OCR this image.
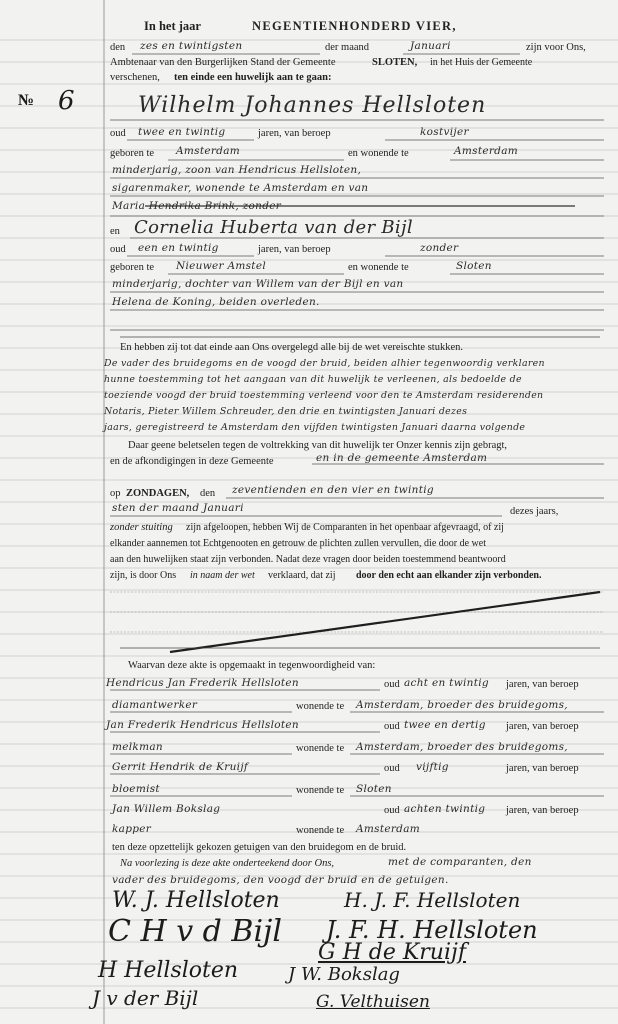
№ 6
In het jaar	NEGENTIENHONDERD VIER,
den zes en twintigsten	der maand	Januari	zijn voor Ons,
Ambtenaar van den Burgerlijken Stand der Gemeente	SLOTEN, in het Huis der Gemeente
verschenen, ten einde een huwelijk aan te gaan:
Wilhelm Johannes Hellsloten
oud twee en twintig	jaren, van beroep	kostvijer
geboren te Amsterdam	en wonende te	Amsterdam
minderjarig, zoon van Hendricus Hellsloten,
sigarenmaker, wonende te Amsterdam en van
Maria Hendrika Brink, zonder
en Cornelia Huberta van der Bijl
oud een en twintig	jaren, van beroep	zonder
geboren te Nieuwer Amstel	en wonende te	Sloten
minderjarig, dochter van Willem van der Bijl en van
Helena de Koning, beiden overleden.
En hebben zij tot dat einde aan Ons overgelegd alle bij de wet vereischte stukken.
De vader des bruidegoms en de voogd der bruid, beiden alhier tegenwoordig verklaren
hunne toestemming tot het aangaan van dit huwelijk te verleenen, als bedoelde de
toeziende voogd der bruid toestemming verleend voor den te Amsterdam residerenden
Notaris, Pieter Willem Schreuder, den drie en twintigsten Januari dezes
jaars, geregistreerd te Amsterdam den vijfden twintigsten Januari daarna volgende
Daar geene beletselen tegen de voltrekking van dit huwelijk ter Onzer kennis zijn gebragt,
en de afkondigingen in deze Gemeente	en in de gemeente Amsterdam
op ZONDAGEN, den zeventienden en den vier en twintig
sten der maand Januari	dezes jaars,
zonder stuiting zijn afgeloopen, hebben Wij de Comparanten in het openbaar afgevraagd, of zij
elkander aannemen tot Echtgenooten en getrouw de plichten zullen vervullen, die door de wet
aan den huwelijken staat zijn verbonden. Nadat deze vragen door beiden toestemmend beantwoord
zijn, is door Ons in naam der wet verklaard, dat zij door den echt aan elkander zijn verbonden.
Waarvan deze akte is opgemaakt in tegenwoordigheid van:
Hendricus Jan Frederik Hellsloten	oud acht en twintig jaren, van beroep
diamantwerker	wonende te Amsterdam, broeder des bruidegoms,
Jan Frederik Hendricus Hellsloten	oud twee en dertig jaren, van beroep
melkman	wonende te Amsterdam, broeder des bruidegoms,
Gerrit Hendrik de Kruijf	oud vijftig	jaren, van beroep
bloemist	wonende te Sloten
Jan Willem Bokslag	oud achten twintig jaren, van beroep
kapper	wonende te Amsterdam
ten deze opzettelijk gekozen getuigen van den bruidegom en de bruid.
Na voorlezing is deze akte onderteekend door Ons,	met de comparanten, den
vader des bruidegoms, den voogd der bruid en de getuigen.
W. J. Hellsloten	H. J. F. Hellsloten
C H v d Bijl J. F. H. Hellsloten
G H de Kruijf
H Hellsloten	J W. Bokslag
J v der Bijl	G. Velthuisen
